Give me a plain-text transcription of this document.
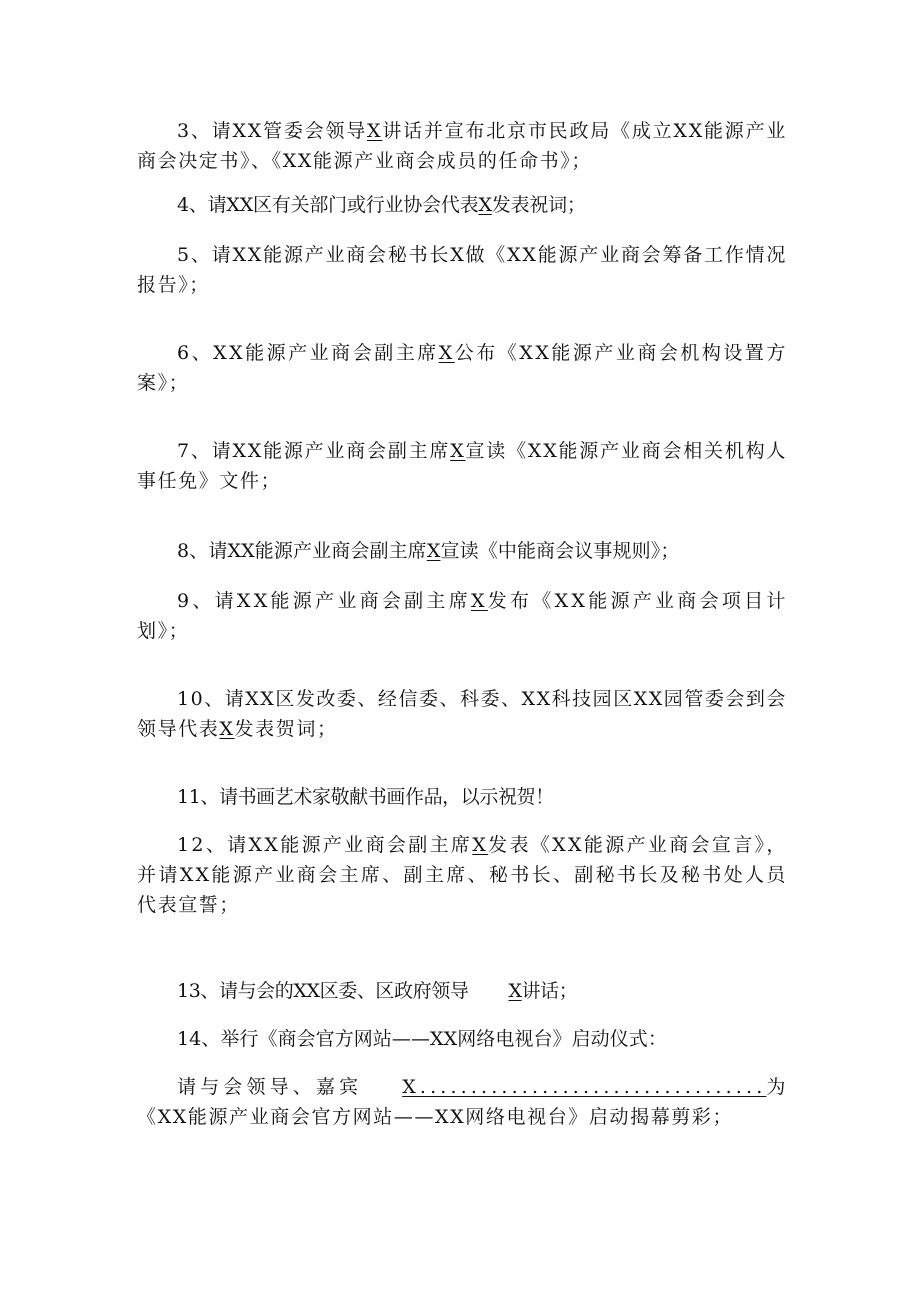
3、请XX管委会领导X讲话并宣布北京市民政局《成立XX能源产业
商会决定书》、《XX能源产业商会成员的任命书》；
4、请XX区有关部门或行业协会代表X发表祝词；
5、请XX能源产业商会秘书长X做《XX能源产业商会筹备工作情况
报告》；
6、XX能源产业商会副主席X公布《XX能源产业商会机构设置方
案》；
7、请XX能源产业商会副主席X宣读《XX能源产业商会相关机构人
事任免》文件；
8、请XX能源产业商会副主席X宣读《中能商会议事规则》；
9、请XX能源产业商会副主席X发布《XX能源产业商会项目计
划》；
10、请XX区发改委、经信委、科委、XX科技园区XX园管委会到会
领导代表X发表贺词；
11、请书画艺术家敬献书画作品，以示祝贺！
12、请XX能源产业商会副主席X发表《XX能源产业商会宣言》，
并请XX能源产业商会主席、副主席、秘书长、副秘书长及秘书处人员
代表宣誓；
13、请与会的XX区委、区政府领导 X讲话；
14、举行《商会官方网站——XX网络电视台》启动仪式：
请与会领导、嘉宾 X..................................为
《XX能源产业商会官方网站——XX网络电视台》启动揭幕剪彩；
